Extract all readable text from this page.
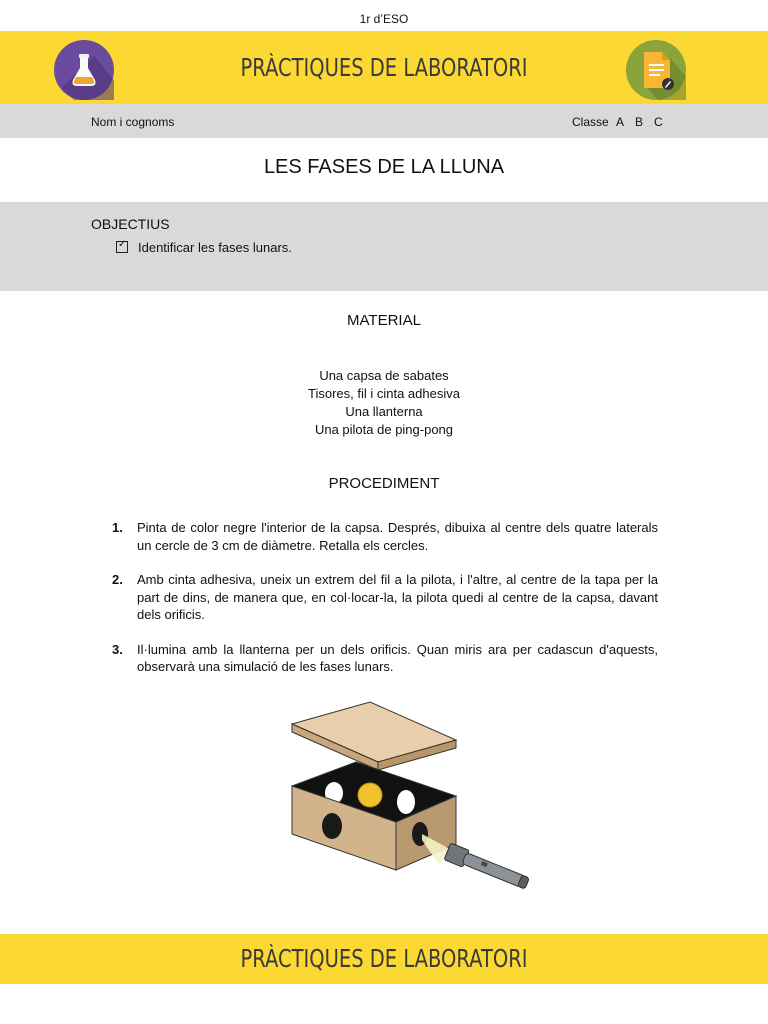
1r d’ESO
PRÀCTIQUES DE LABORATORI
Nom i cognoms	Classe A B C
LES FASES DE LA LLUNA
OBJECTIUS
✓ Identificar les fases lunars.
MATERIAL
Una capsa de sabates
Tisores, fil i cinta adhesiva
Una llanterna
Una pilota de ping-pong
PROCEDIMENT
1. Pinta de color negre l'interior de la capsa. Després, dibuixa al centre dels quatre laterals un cercle de 3 cm de diàmetre. Retalla els cercles.
2. Amb cinta adhesiva, uneix un extrem del fil a la pilota, i l'altre, al centre de la tapa per la part de dins, de manera que, en col·locar-la, la pilota quedi al centre de la capsa, davant dels orificis.
3. Il·lumina amb la llanterna per un dels orificis. Quan miris ara per cadascun d'aquests, observarà una simulació de les fases lunars.
PRÀCTIQUES DE LABORATORI
